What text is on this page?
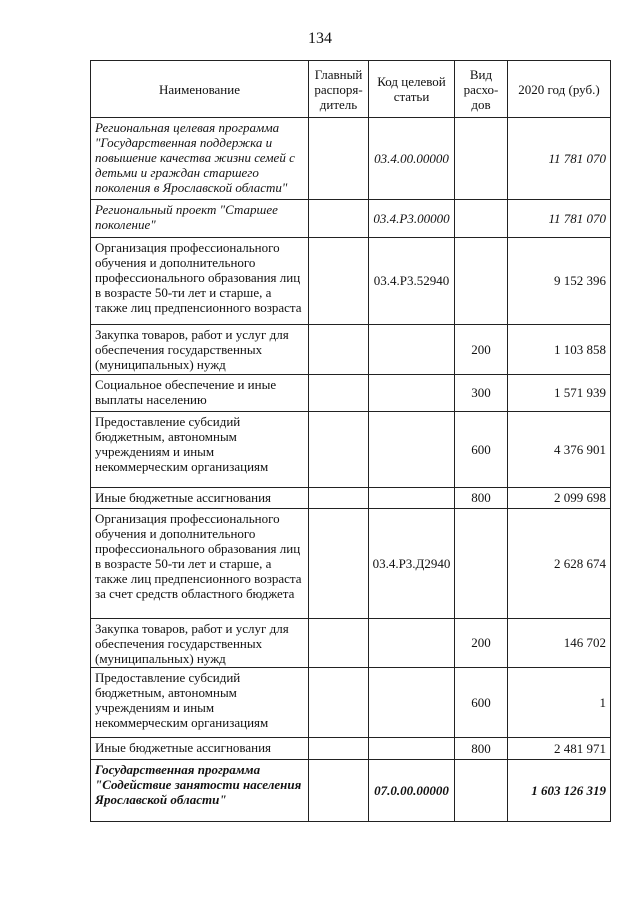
134
Наименование	Главный распоря-дитель	Код целевой статьи	Вид расхо-дов	2020 год (руб.)
Региональная целевая программа "Государственная поддержка и повышение качества жизни семей с детьми и граждан старшего поколения в Ярославской области"		03.4.00.00000		11 781 070
Региональный проект "Старшее поколение"		03.4.Р3.00000		11 781 070
Организация профессионального обучения и дополнительного профессионального образования лиц в возрасте 50-ти лет и старше, а также лиц предпенсионного возраста		03.4.Р3.52940		9 152 396
Закупка товаров, работ и услуг для обеспечения государственных (муниципальных) нужд			200	1 103 858
Социальное обеспечение и иные выплаты населению			300	1 571 939
Предоставление субсидий бюджетным, автономным учреждениям и иным некоммерческим организациям			600	4 376 901
Иные бюджетные ассигнования			800	2 099 698
Организация профессионального обучения и дополнительного профессионального образования лиц в возрасте 50-ти лет и старше, а также лиц предпенсионного возраста за счет средств областного бюджета		03.4.Р3.Д2940		2 628 674
Закупка товаров, работ и услуг для обеспечения государственных (муниципальных) нужд			200	146 702
Предоставление субсидий бюджетным, автономным учреждениям и иным некоммерческим организациям			600	1
Иные бюджетные ассигнования			800	2 481 971
Государственная программа "Содействие занятости населения Ярославской области"		07.0.00.00000		1 603 126 319
